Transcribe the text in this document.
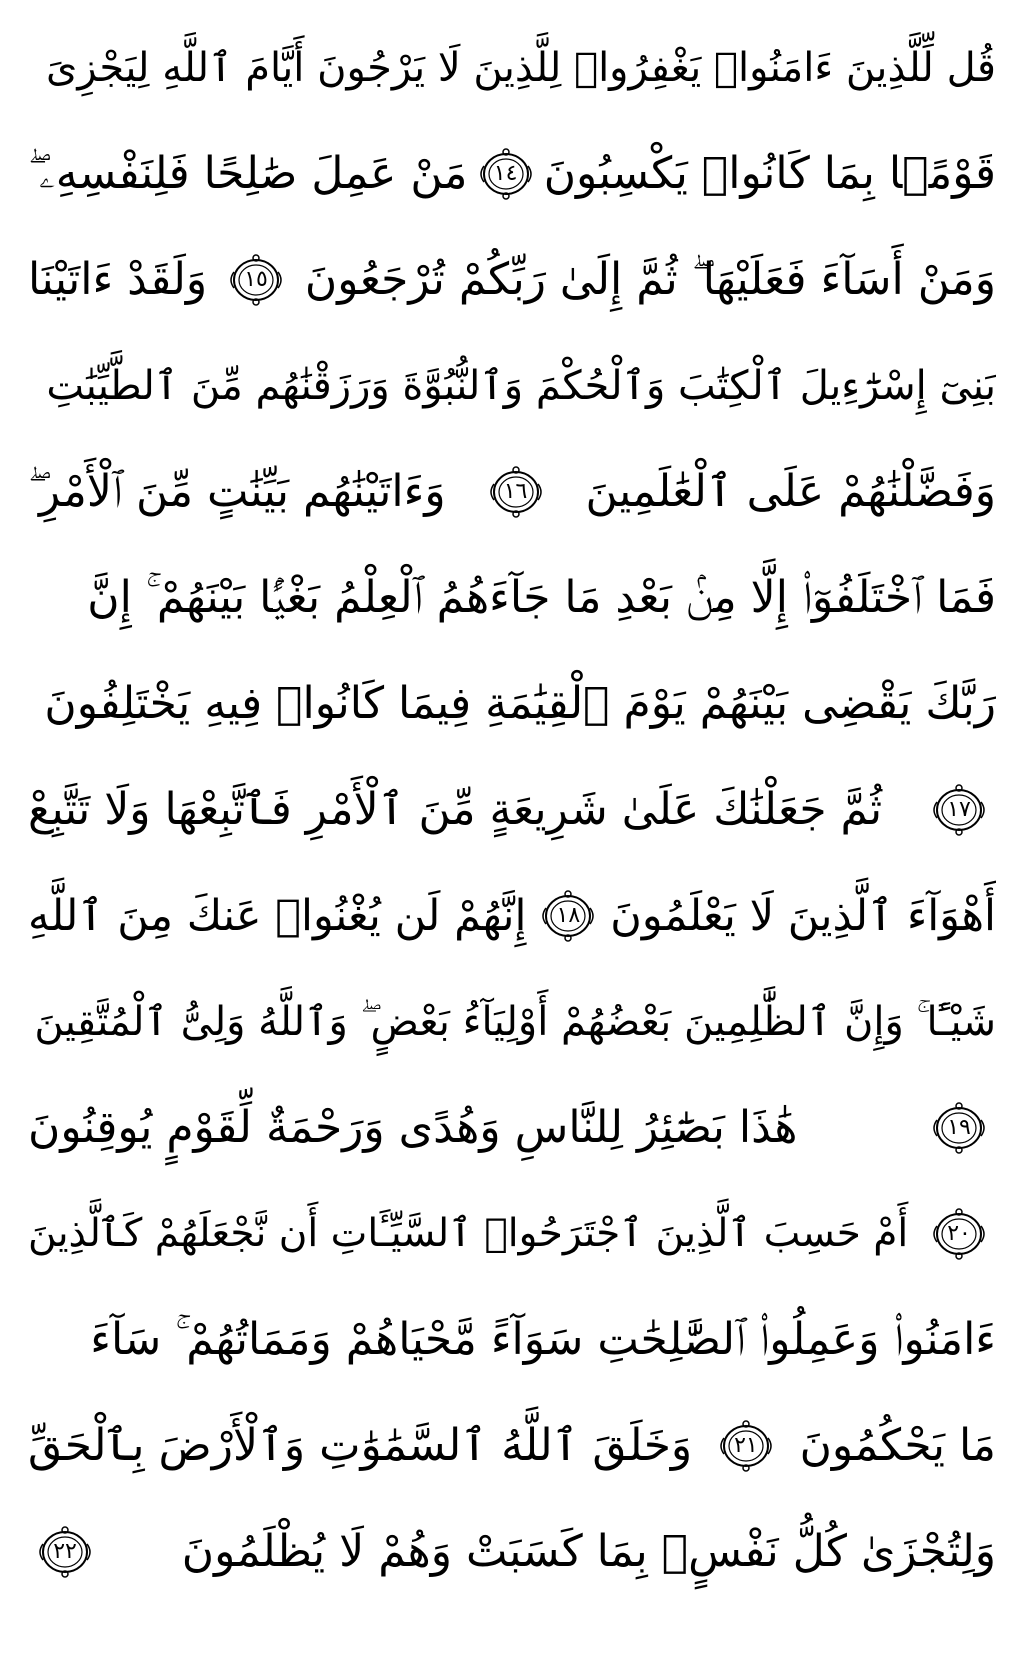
قُل لِّلَّذِينَ ءَامَنُوا۟ يَغْفِرُوا۟ لِلَّذِينَ لَا يَرْجُونَ أَيَّامَ ٱللَّهِ لِيَجْزِىَ
قَوْمًۢا بِمَا كَانُوا۟ يَكْسِبُونَ
١٤
مَنْ عَمِلَ صَٰلِحًا فَلِنَفْسِهِۦ ۖ
وَمَنْ أَسَآءَ فَعَلَيْهَا ۖ ثُمَّ إِلَىٰ رَبِّكُمْ تُرْجَعُونَ
١٥
وَلَقَدْ ءَاتَيْنَا
بَنِىٓ إِسْرَٰٓءِيلَ ٱلْكِتَٰبَ وَٱلْحُكْمَ وَٱلنُّبُوَّةَ وَرَزَقْنَٰهُم مِّنَ ٱلطَّيِّبَٰتِ
وَفَضَّلْنَٰهُمْ عَلَى ٱلْعَٰلَمِينَ
١٦
وَءَاتَيْنَٰهُم بَيِّنَٰتٍ مِّنَ ٱلْأَمْرِ ۖ
فَمَا ٱخْتَلَفُوٓا۟ إِلَّا مِنۢ بَعْدِ مَا جَآءَهُمُ ٱلْعِلْمُ بَغْيًۢا بَيْنَهُمْ ۚ إِنَّ
رَبَّكَ يَقْضِى بَيْنَهُمْ يَوْمَ ٱلْقِيَٰمَةِ فِيمَا كَانُوا۟ فِيهِ يَخْتَلِفُونَ
١٧
ثُمَّ جَعَلْنَٰكَ عَلَىٰ شَرِيعَةٍ مِّنَ ٱلْأَمْرِ فَٱتَّبِعْهَا وَلَا تَتَّبِعْ
أَهْوَآءَ ٱلَّذِينَ لَا يَعْلَمُونَ
١٨
إِنَّهُمْ لَن يُغْنُوا۟ عَنكَ مِنَ ٱللَّهِ
شَيْـًٔا ۚ وَإِنَّ ٱلظَّٰلِمِينَ بَعْضُهُمْ أَوْلِيَآءُ بَعْضٍ ۖ وَٱللَّهُ وَلِىُّ ٱلْمُتَّقِينَ
١٩
هَٰذَا بَصَٰٓئِرُ لِلنَّاسِ وَهُدًى وَرَحْمَةٌ لِّقَوْمٍ يُوقِنُونَ
٢٠
أَمْ حَسِبَ ٱلَّذِينَ ٱجْتَرَحُوا۟ ٱلسَّيِّـَٔاتِ أَن نَّجْعَلَهُمْ كَٱلَّذِينَ
ءَامَنُوا۟ وَعَمِلُوا۟ ٱلصَّٰلِحَٰتِ سَوَآءً مَّحْيَاهُمْ وَمَمَاتُهُمْ ۚ سَآءَ
مَا يَحْكُمُونَ
٢١
وَخَلَقَ ٱللَّهُ ٱلسَّمَٰوَٰتِ وَٱلْأَرْضَ بِٱلْحَقِّ
وَلِتُجْزَىٰ كُلُّ نَفْسٍۭ بِمَا كَسَبَتْ وَهُمْ لَا يُظْلَمُونَ
٢٢
